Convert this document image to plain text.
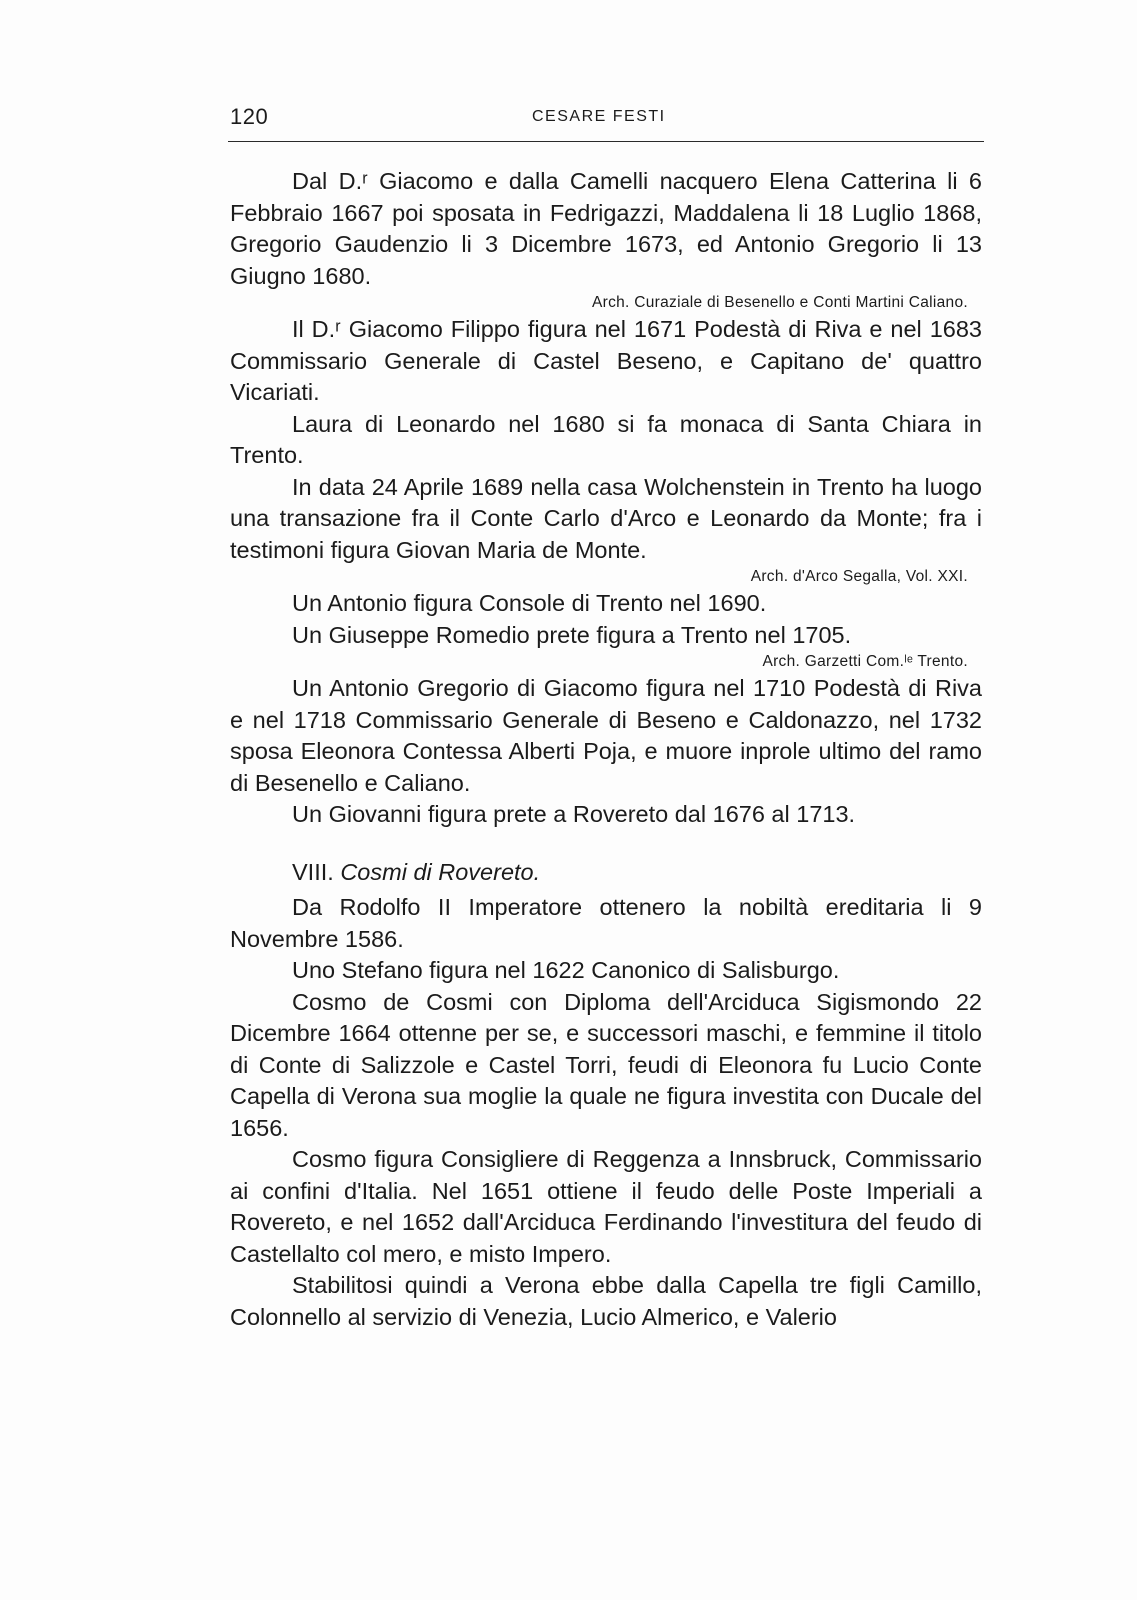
120	CESARE FESTI

Dal D.ʳ Giacomo e dalla Camelli nacquero Elena Catterina li 6 Febbraio 1667 poi sposata in Fedrigazzi, Maddalena li 18 Luglio 1868, Gregorio Gaudenzio li 3 Dicembre 1673, ed Antonio Gregorio li 13 Giugno 1680.

Arch. Curaziale di Besenello e Conti Martini Caliano.

Il D.ʳ Giacomo Filippo figura nel 1671 Podestà di Riva e nel 1683 Commissario Generale di Castel Beseno, e Capitano de' quattro Vicariati.

Laura di Leonardo nel 1680 si fa monaca di Santa Chiara in Trento.

In data 24 Aprile 1689 nella casa Wolchenstein in Trento ha luogo una transazione fra il Conte Carlo d'Arco e Leonardo da Monte; fra i testimoni figura Giovan Maria de Monte.

Arch. d'Arco Segalla, Vol. XXI.

Un Antonio figura Console di Trento nel 1690.

Un Giuseppe Romedio prete figura a Trento nel 1705.

Arch. Garzetti Com.ˡᵉ Trento.

Un Antonio Gregorio di Giacomo figura nel 1710 Podestà di Riva e nel 1718 Commissario Generale di Beseno e Caldonazzo, nel 1732 sposa Eleonora Contessa Alberti Poja, e muore inprole ultimo del ramo di Besenello e Caliano.

Un Giovanni figura prete a Rovereto dal 1676 al 1713.

VIII. Cosmi di Rovereto.

Da Rodolfo II Imperatore ottenero la nobiltà ereditaria li 9 Novembre 1586.

Uno Stefano figura nel 1622 Canonico di Salisburgo.

Cosmo de Cosmi con Diploma dell'Arciduca Sigismondo 22 Dicembre 1664 ottenne per se, e successori maschi, e femmine il titolo di Conte di Salizzole e Castel Torri, feudi di Eleonora fu Lucio Conte Capella di Verona sua moglie la quale ne figura investita con Ducale del 1656.

Cosmo figura Consigliere di Reggenza a Innsbruck, Commissario ai confini d'Italia. Nel 1651 ottiene il feudo delle Poste Imperiali a Rovereto, e nel 1652 dall'Arciduca Ferdinando l'investitura del feudo di Castellalto col mero, e misto Impero.

Stabilitosi quindi a Verona ebbe dalla Capella tre figli Camillo, Colonnello al servizio di Venezia, Lucio Almerico, e Valerio
